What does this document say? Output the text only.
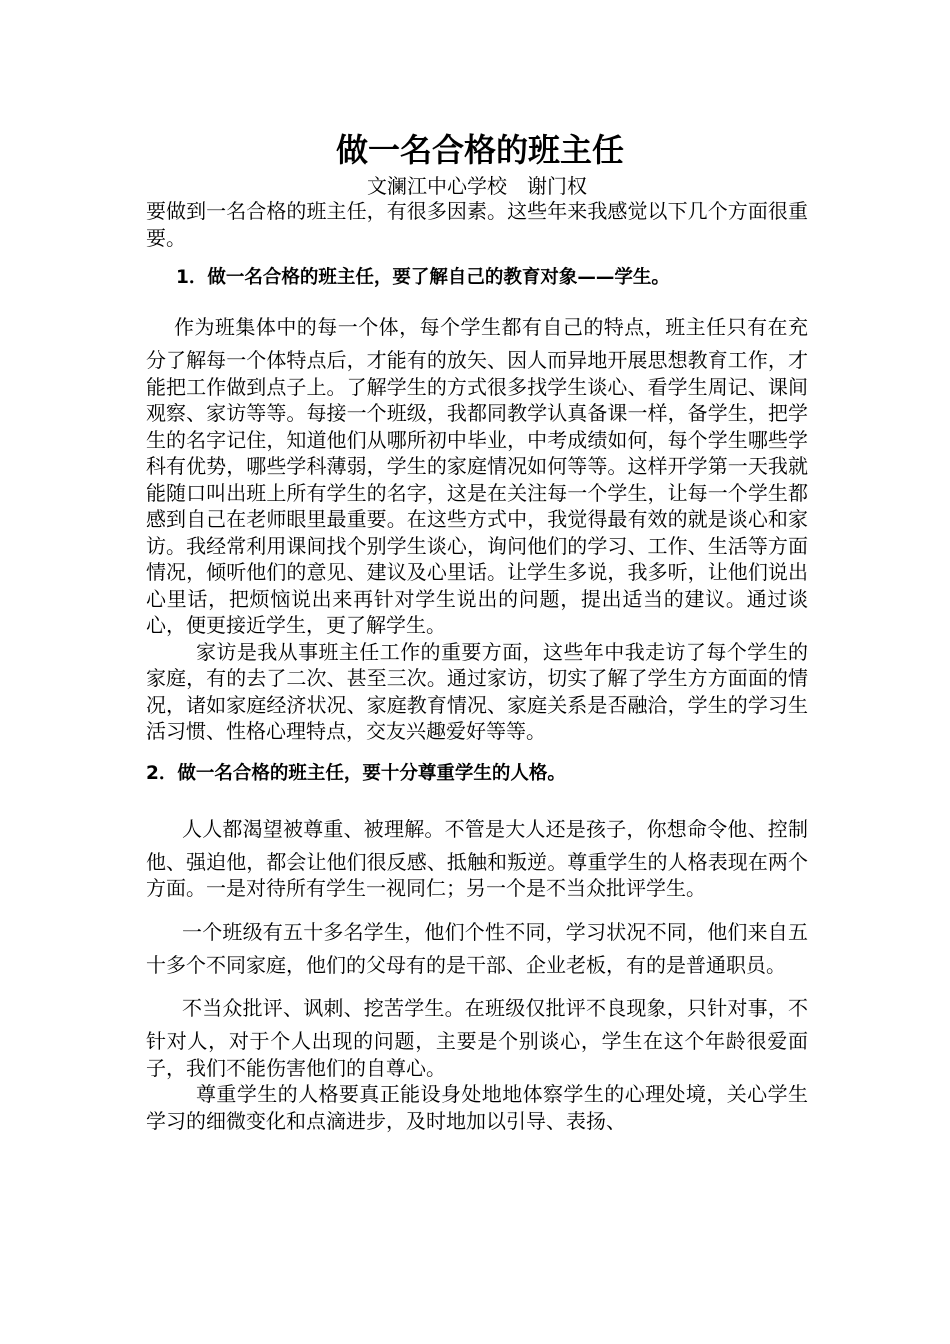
做一名合格的班主任
文澜江中心学校　谢门权

要做到一名合格的班主任，有很多因素。这些年来我感觉以下几个方面很重要。

1．做一名合格的班主任，要了解自己的教育对象——学生。

作为班集体中的每一个体，每个学生都有自己的特点，班主任只有在充分了解每一个体特点后，才能有的放矢、因人而异地开展思想教育工作，才能把工作做到点子上。了解学生的方式很多找学生谈心、看学生周记、课间观察、家访等等。每接一个班级，我都同教学认真备课一样，备学生，把学生的名字记住，知道他们从哪所初中毕业，中考成绩如何，每个学生哪些学科有优势，哪些学科薄弱，学生的家庭情况如何等等。这样开学第一天我就能随口叫出班上所有学生的名字，这是在关注每一个学生，让每一个学生都感到自己在老师眼里最重要。在这些方式中，我觉得最有效的就是谈心和家访。我经常利用课间找个别学生谈心，询问他们的学习、工作、生活等方面情况，倾听他们的意见、建议及心里话。让学生多说，我多听，让他们说出心里话，把烦恼说出来再针对学生说出的问题，提出适当的建议。通过谈心，便更接近学生，更了解学生。

家访是我从事班主任工作的重要方面，这些年中我走访了每个学生的家庭，有的去了二次、甚至三次。通过家访，切实了解了学生方方面面的情况，诸如家庭经济状况、家庭教育情况、家庭关系是否融洽，学生的学习生活习惯、性格心理特点，交友兴趣爱好等等。

2．做一名合格的班主任，要十分尊重学生的人格。

人人都渴望被尊重、被理解。不管是大人还是孩子，你想命令他、控制他、强迫他，都会让他们很反感、抵触和叛逆。尊重学生的人格表现在两个方面。一是对待所有学生一视同仁；另一个是不当众批评学生。

一个班级有五十多名学生，他们个性不同，学习状况不同，他们来自五十多个不同家庭，他们的父母有的是干部、企业老板，有的是普通职员。

不当众批评、讽刺、挖苦学生。在班级仅批评不良现象，只针对事，不针对人，对于个人出现的问题，主要是个别谈心，学生在这个年龄很爱面子，我们不能伤害他们的自尊心。

尊重学生的人格要真正能设身处地地体察学生的心理处境，关心学生学习的细微变化和点滴进步，及时地加以引导、表扬、
